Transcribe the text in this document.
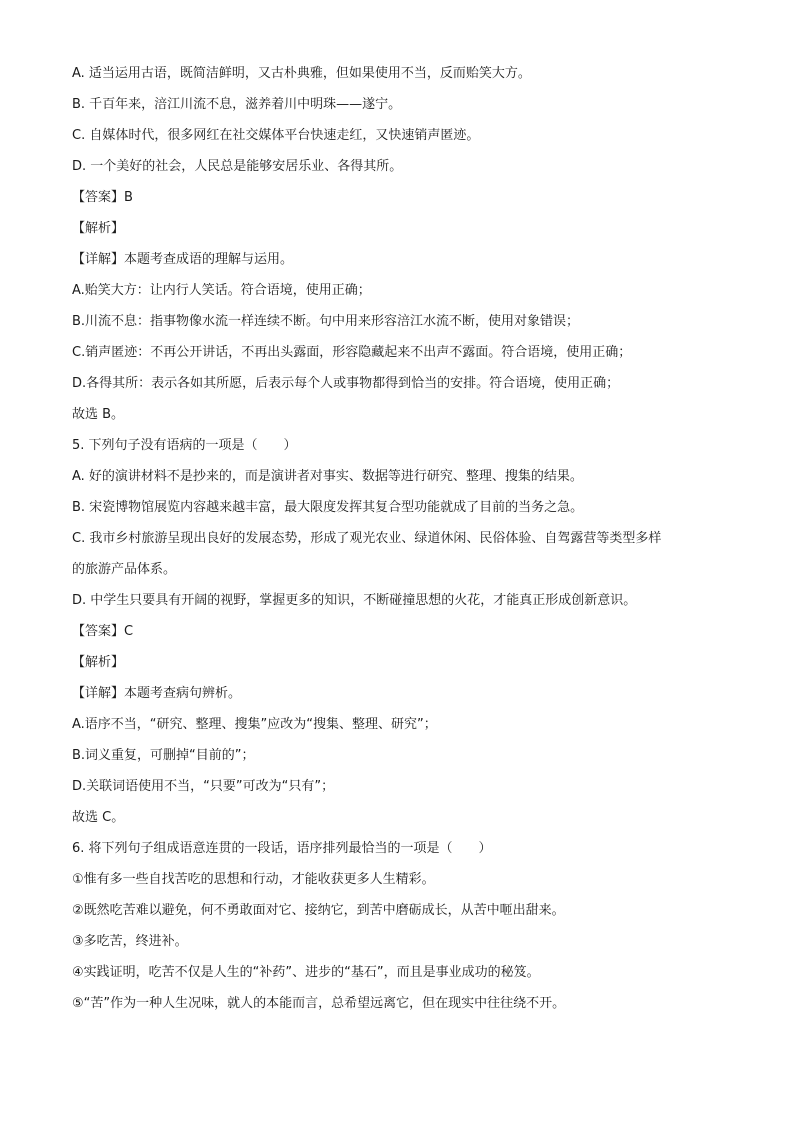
A. 适当运用古语，既简洁鲜明，又古朴典雅，但如果使用不当，反而贻笑大方。
B. 千百年来，涪江川流不息，滋养着川中明珠——遂宁。
C. 自媒体时代，很多网红在社交媒体平台快速走红，又快速销声匿迹。
D. 一个美好的社会，人民总是能够安居乐业、各得其所。
【答案】B
【解析】
【详解】本题考查成语的理解与运用。
A.贻笑大方：让内行人笑话。符合语境，使用正确；
B.川流不息：指事物像水流一样连续不断。句中用来形容涪江水流不断，使用对象错误；
C.销声匿迹：不再公开讲话，不再出头露面，形容隐藏起来不出声不露面。符合语境，使用正确；
D.各得其所：表示各如其所愿，后表示每个人或事物都得到恰当的安排。符合语境，使用正确；
故选 B。
5. 下列句子没有语病的一项是（　　）
A. 好的演讲材料不是抄来的，而是演讲者对事实、数据等进行研究、整理、搜集的结果。
B. 宋瓷博物馆展览内容越来越丰富，最大限度发挥其复合型功能就成了目前的当务之急。
C. 我市乡村旅游呈现出良好的发展态势，形成了观光农业、绿道休闲、民俗体验、自驾露营等类型多样
的旅游产品体系。
D. 中学生只要具有开阔的视野，掌握更多的知识，不断碰撞思想的火花，才能真正形成创新意识。
【答案】C
【解析】
【详解】本题考查病句辨析。
A.语序不当，“研究、整理、搜集”应改为“搜集、整理、研究”；
B.词义重复，可删掉“目前的”；
D.关联词语使用不当，“只要”可改为“只有”；
故选 C。
6. 将下列句子组成语意连贯的一段话，语序排列最恰当的一项是（　　）
①惟有多一些自找苦吃的思想和行动，才能收获更多人生精彩。
②既然吃苦难以避免，何不勇敢面对它、接纳它，到苦中磨砺成长，从苦中咂出甜来。
③多吃苦，终进补。
④实践证明，吃苦不仅是人生的“补药”、进步的“基石”，而且是事业成功的秘笈。
⑤“苦”作为一种人生况味，就人的本能而言，总希望远离它，但在现实中往往绕不开。
